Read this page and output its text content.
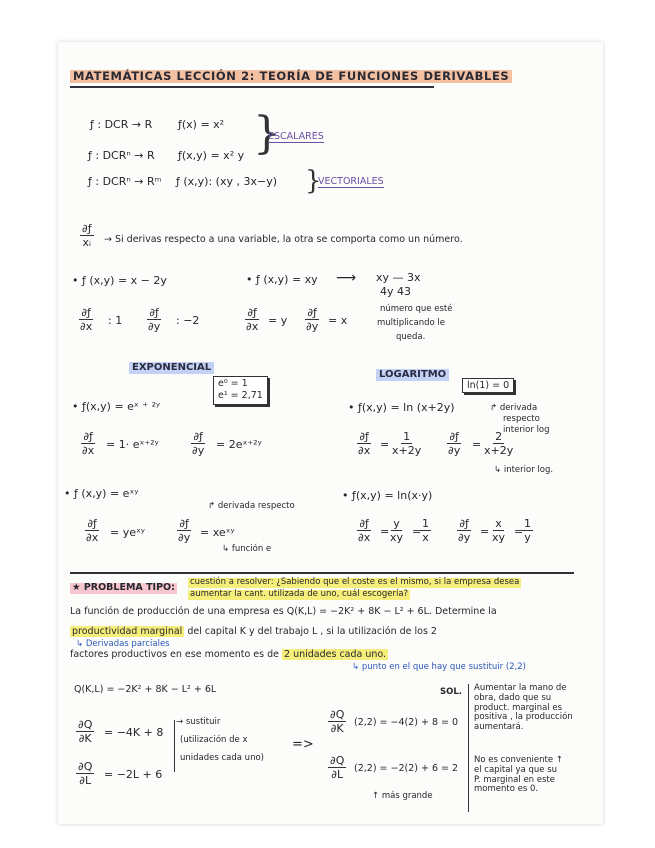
MATEMÁTICAS LECCIÓN 2: TEORÍA DE FUNCIONES DERIVABLES
ƒ : DCR → R ƒ(x) = x²
ƒ : DCRⁿ → R ƒ(x,y) = x² y }
ESCALARES
ƒ : DCRⁿ → Rᵐ ƒ (x,y): (xy , 3x−y) }
VECTORIALES
$\frac{\partial ƒ}{\text{xᵢ}} \to Si$ derivas respecto a una variable, la otra se comporta como un número.
• ƒ (x,y) = x − 2y
$\frac{\partial ƒ}{\partial x}$ : $1 \frac{\partial ƒ}{\partial y}$ : −2
• ƒ (x,y) = xy ⟶ xy — 3x
4y 43
número que esté
multiplicando le
queda.
$\frac{\partial ƒ}{\partial x} = y \frac{\partial ƒ}{\partial y} = x$
EXPONENCIAL
e⁰ = 1
e¹ = 2,71
• ƒ(x,y) = eˣ ⁺ ²ʸ
$\frac{\partial ƒ}{\partial x} = 1\cdot$ eˣ⁺²ʸ	$\frac{\partial ƒ}{\partial y}$ = 2eˣ⁺²ʸ
• ƒ (x,y) = eˣʸ
$\frac{\partial ƒ}{\partial x}$ = yeˣʸ	$\frac{\partial ƒ}{\partial y}$ = xeˣʸ
↱ derivada respecto
↳ función e
LOGARITMO
ln(1) = 0
• ƒ(x,y) = ln (x+2y)	↱ derivada
respecto
interior log
$\frac{\partial ƒ}{\partial x} = \frac{1}{x+2y} \frac{\partial ƒ}{\partial y} = \frac{2}{x+2y}$
↳ interior log.
• ƒ(x,y) = ln(x·y)
$\frac{\partial ƒ}{\partial x}$ =
$\frac{y}{xy}$ =
$\frac{1}{x} \frac{\partial ƒ}{\partial y} = \frac{x}{xy}$ =
$\frac{1}{y}$
★ PROBLEMA TIPO: cuestión a resolver: ¿Sabiendo que el coste es el mismo, si la empresa desea
aumentar la cant. utilizada de uno, cuál escogería?
La función de producción de una empresa es Q(K,L) = −2K² + 8K − L² + 6L. Determine la
productividad marginal del capital K y del trabajo L , si la utilización de los 2
↳ Derivadas parciales
factores productivos en ese momento es de 2 unidades cada uno.
↳ punto en el que hay que sustituir (2,2)
Q(K,L) = −2K² + 8K − L² + 6L
$\frac{\partial Q}{\partial K} = -4K + 8$
$\frac{\partial Q}{\partial L} = -2L + 6$
→ sustituir
(utilización de x
unidades cada uno)
=>
$\frac{\partial Q}{\partial K} (2,2) = -4(2) + 8 = 0$
$\frac{\partial Q}{\partial L} (2,2) = -2(2) + 6 = 2$
↑ más grande
SOL. Aumentar la mano de
obra, dado que su
product. marginal es
positiva , la producción
aumentará.
No es conveniente ↑
el capital ya que su
P. marginal en este
momento es 0.
